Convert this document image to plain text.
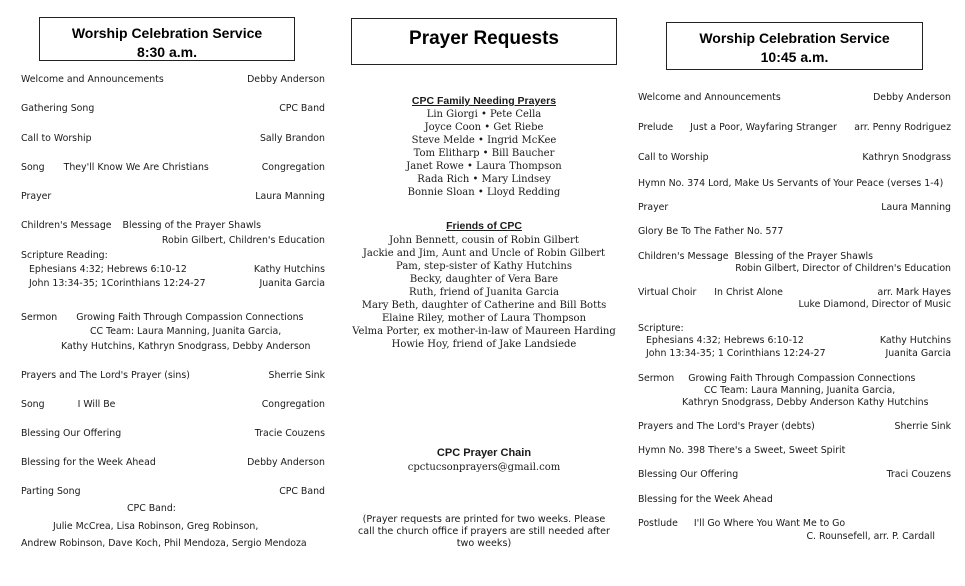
Worship Celebration Service
8:30 a.m.
Welcome and Announcements	Debby Anderson
Gathering Song	CPC Band
Call to Worship	Sally Brandon
Song They'll Know We Are Christians	Congregation
Prayer	Laura Manning
Children's Message Blessing of the Prayer Shawls
Robin Gilbert, Children's Education
Scripture Reading:
Ephesians 4:32; Hebrews 6:10-12	Kathy Hutchins
John 13:34-35; 1Corinthians 12:24-27	Juanita Garcia
Sermon Growing Faith Through Compassion Connections
CC Team: Laura Manning, Juanita Garcia,
Kathy Hutchins, Kathryn Snodgrass, Debby Anderson
Prayers and The Lord's Prayer (sins)	Sherrie Sink
Song	I Will Be	Congregation
Blessing Our Offering	Tracie Couzens
Blessing for the Week Ahead	Debby Anderson
Parting Song	CPC Band
CPC Band:
Julie McCrea, Lisa Robinson, Greg Robinson,
Andrew Robinson, Dave Koch, Phil Mendoza, Sergio Mendoza
Prayer Requests
CPC Family Needing Prayers
Lin Giorgi • Pete Cella
Joyce Coon • Get Riebe
Steve Melde • Ingrid McKee
Tom Elitharp • Bill Baucher
Janet Rowe • Laura Thompson
Rada Rich • Mary Lindsey
Bonnie Sloan • Lloyd Redding
Friends of CPC
John Bennett, cousin of Robin Gilbert
Jackie and Jim, Aunt and Uncle of Robin Gilbert
Pam, step-sister of Kathy Hutchins
Becky, daughter of Vera Bare
Ruth, friend of Juanita Garcia
Mary Beth, daughter of Catherine and Bill Botts
Elaine Riley, mother of Laura Thompson
Velma Porter, ex mother-in-law of Maureen Harding
Howie Hoy, friend of Jake Landsiede
CPC Prayer Chain
cpctucsonprayers@gmail.com
(Prayer requests are printed for two weeks. Please
call the church office if prayers are still needed after
two weeks)
Worship Celebration Service
10:45 a.m.
Welcome and Announcements	Debby Anderson
Prelude Just a Poor, Wayfaring Stranger arr. Penny Rodriguez
Call to Worship	Kathryn Snodgrass
Hymn No. 374 Lord, Make Us Servants of Your Peace (verses 1-4)
Prayer	Laura Manning
Glory Be To The Father No. 577
Children's Message Blessing of the Prayer Shawls
Robin Gilbert, Director of Children's Education
Virtual Choir In Christ Alone	arr. Mark Hayes
Luke Diamond, Director of Music
Scripture:
Ephesians 4:32; Hebrews 6:10-12	Kathy Hutchins
John 13:34-35; 1 Corinthians 12:24-27	Juanita Garcia
Sermon Growing Faith Through Compassion Connections
CC Team: Laura Manning, Juanita Garcia,
Kathryn Snodgrass, Debby Anderson Kathy Hutchins
Prayers and The Lord's Prayer (debts)	Sherrie Sink
Hymn No. 398 There's a Sweet, Sweet Spirit
Blessing Our Offering	Traci Couzens
Blessing for the Week Ahead
Postlude I'll Go Where You Want Me to Go
C. Rounsefell, arr. P. Cardall
